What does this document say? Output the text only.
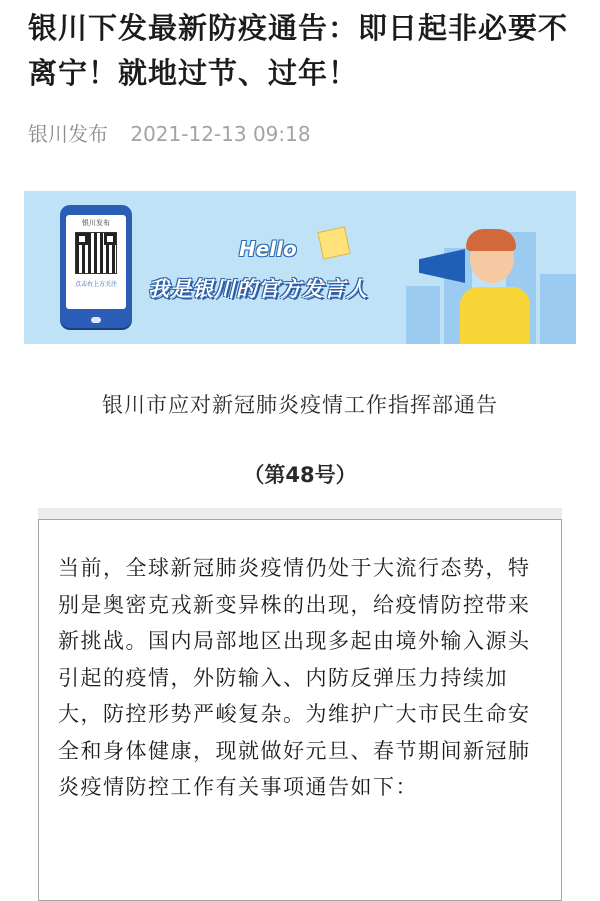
银川下发最新防疫通告：即日起非必要不离宁！就地过节、过年！
银川发布 2021-12-13 09:18
银川发布
点击右上方关注
Hello
我是银川的官方发言人
银川市应对新冠肺炎疫情工作指挥部通告
（第48号）

当前，全球新冠肺炎疫情仍处于大流行态势，特别是奥密克戎新变异株的出现，给疫情防控带来新挑战。国内局部地区出现多起由境外输入源头引起的疫情，外防输入、内防反弹压力持续加大，防控形势严峻复杂。为维护广大市民生命安全和身体健康，现就做好元旦、春节期间新冠肺炎疫情防控工作有关事项通告如下：
